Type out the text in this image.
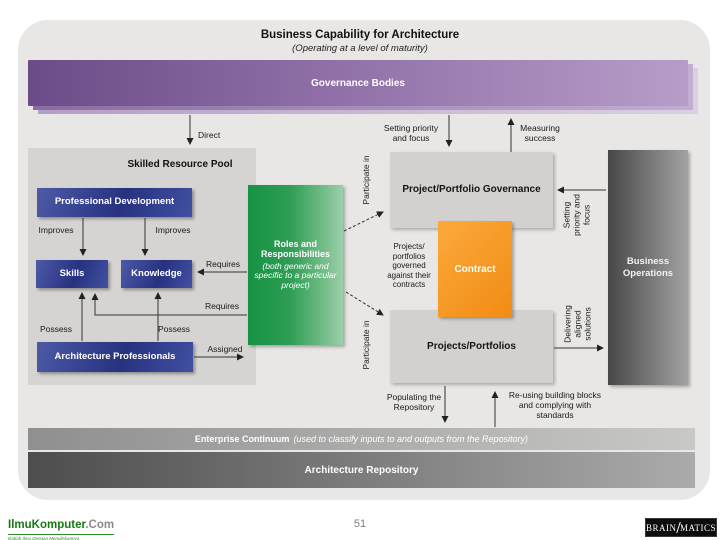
Business Capability for Architecture
(Operating at a level of maturity)
Governance Bodies
Skilled Resource Pool
Professional Development
Skills	Knowledge
Architecture Professionals
Roles and Responsibilities
(both generic and specific to a particular project)
Project/Portfolio Governance
Contract
Projects/Portfolios
Projects/ portfolios governed against their contracts
Business Operations
Enterprise Continuum (used to classify inputs to and outputs from the Repository)
Architecture Repository
Direct
Setting priority and focus
Measuring success
Participate in
Participate in
Improves	Improves
Requires
Requires
Possess	Possess
Assigned
Setting priority and focus
Delivering aligned solutions
Populating the Repository
Re-using building blocks and complying with standards
IlmuKomputer.Com
Ikatlah Ilmu Dengan Menuliskannya
51	BRAIN MATICS
